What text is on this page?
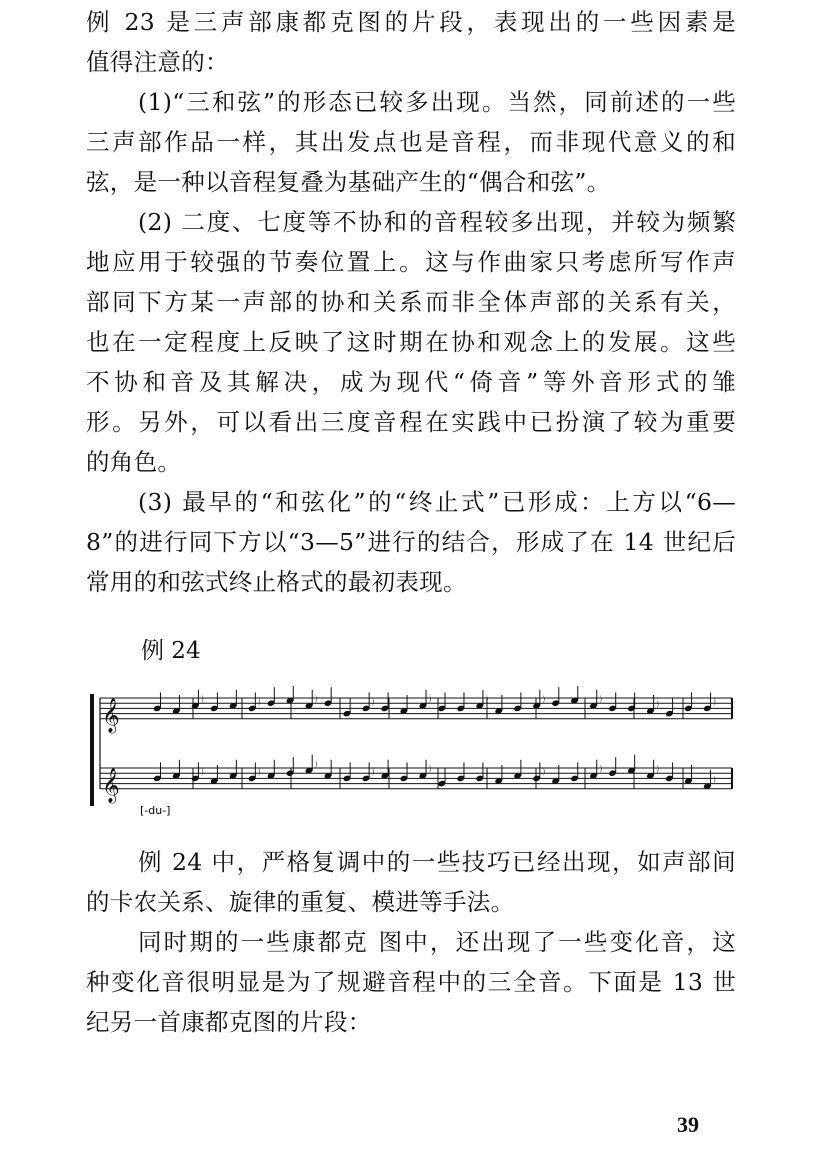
例 23 是三声部康都克图的片段，表现出的一些因素是
值得注意的：
(1)“三和弦”的形态已较多出现。当然，同前述的一些
三声部作品一样，其出发点也是音程，而非现代意义的和
弦，是一种以音程复叠为基础产生的“偶合和弦”。
(2) 二度、七度等不协和的音程较多出现，并较为频繁
地应用于较强的节奏位置上。这与作曲家只考虑所写作声
部同下方某一声部的协和关系而非全体声部的关系有关，
也在一定程度上反映了这时期在协和观念上的发展。这些
不协和音及其解决，成为现代“倚音”等外音形式的雏
形。另外，可以看出三度音程在实践中已扮演了较为重要
的角色。
(3) 最早的“和弦化”的“终止式”已形成：上方以“6—
8”的进行同下方以“3—5”进行的结合，形成了在 14 世纪后
常用的和弦式终止格式的最初表现。
例 24
𝄞
𝄞
[-du-]
例 24 中，严格复调中的一些技巧已经出现，如声部间
的卡农关系、旋律的重复、模进等手法。
同时期的一些康都克 图中，还出现了一些变化音，这
种变化音很明显是为了规避音程中的三全音。下面是 13 世
纪另一首康都克图的片段：
39
